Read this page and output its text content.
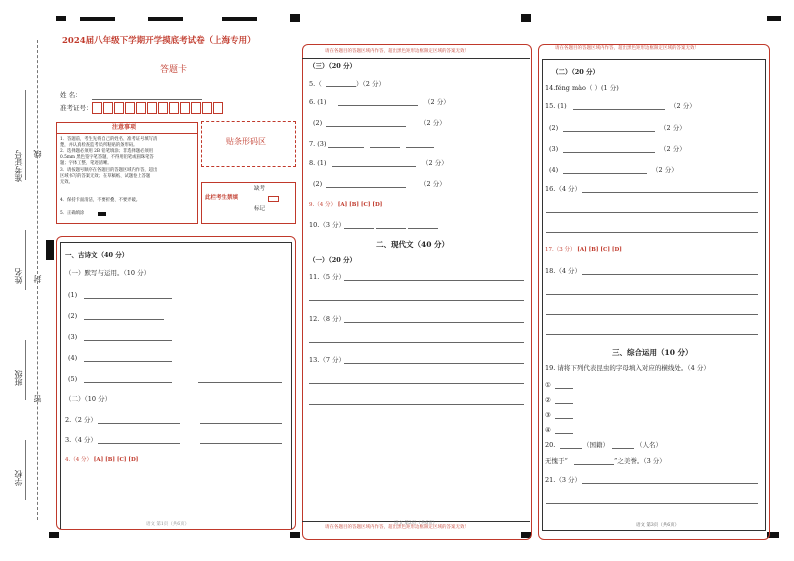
准考证号 线
姓名 封
班级
密
学校
2024届八年级下学期开学摸底考试卷（上海专用）
答题卡
姓 名：
准考证号：
注意事项
1．答题前，考生先将自己的姓名、准考证号填写清
楚，并认真检查监考员所粘贴的条形码。
2．选择题必须用 2B 铅笔填涂；非选择题必须用
0.5mm 黑色签字笔答题，不得用铅笔或圆珠笔答
题；字体工整、笔迹清晰。
3．请按题号顺序在各题目的答题区域内作答，超出
区域书写的答案无效；在草稿纸、试题卷上答题
无效。
4．保持卡面清洁，不要折叠、不要弄破。
5．正确填涂
贴条形码区
此栏考生禁填
缺考
标记
一、古诗文（40 分）
（一）默写与运用。（10 分）
(1)
(2)
(3)
(4)
(5)
（二）（10 分）
2.（2 分）
3.（4 分）
4.（4 分） [A] [B] [C] [D]
语文 第1页（共6页）
请在各题目的答题区域内作答，超出黑色矩形边框限定区域的答案无效！
（三）（20 分）
5.（	）（2 分）
6. (1)	（2 分）
(2)	（2 分）
7. (3)
8. (1)	（2 分）
(2)	（2 分）
9.（4 分） [A] [B] [C] [D]
10.（3 分）
二、现代文（40 分）
（一）（20 分）
11.（5 分）
12.（8 分）
13.（7 分）
请在各题目的答题区域内作答，超出黑色矩形边框限定区域的答案无效！
语文 第2页（共6页）
请在各题目的答题区域内作答，超出黑色矩形边框限定区域的答案无效！
（二）（20 分）
14.féng mào（ ）(1 分)
15. (1)	（2 分）
(2)	（2 分）
(3)	（2 分）
(4)	（2 分）
16.（4 分）
17.（3 分） [A] [B] [C] [D]
18.（4 分）
三、综合运用（10 分）
19. 请将下列代表昆虫的字母填入对应的横线处。（4 分）
①
②
③
④
20.	（国籍）	（人名）
无愧于“	”之美誉。（3 分）
21.（3 分）
语文 第3页（共6页）
